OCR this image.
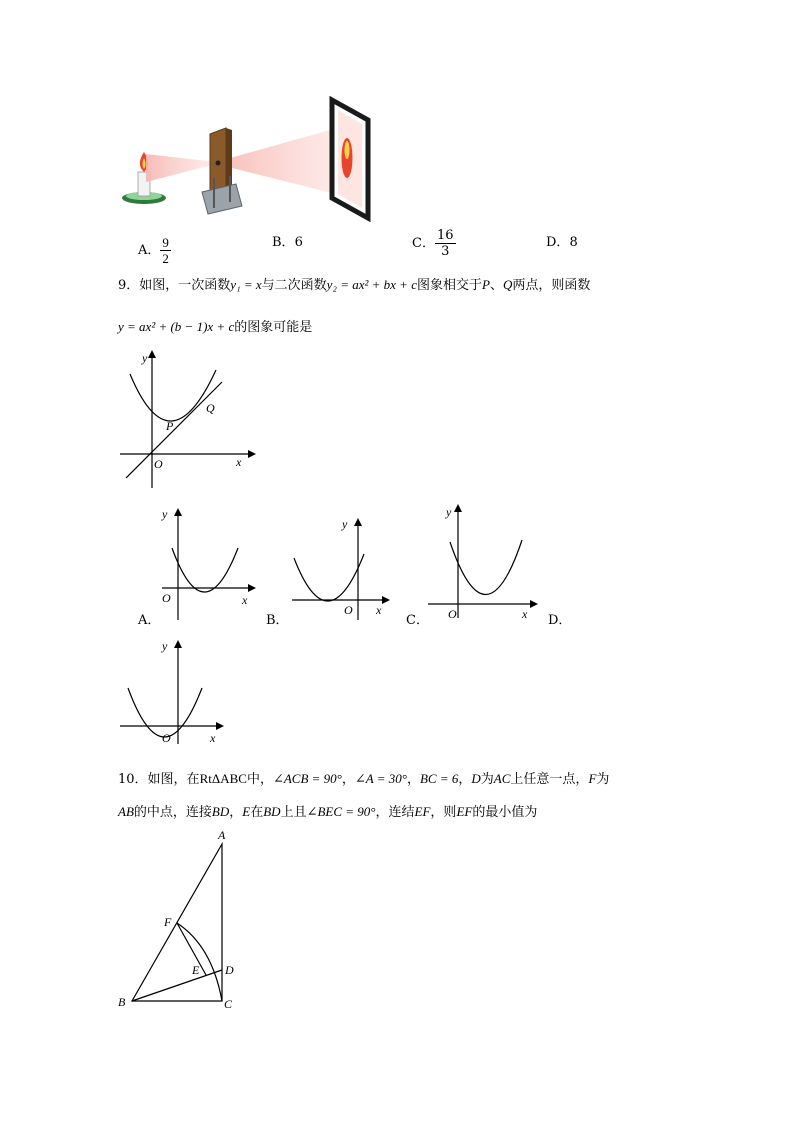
A． $\frac{9}{2}$	B．6	C． $\frac{16}{3}$	D．8
9．如图，一次函数y₁ = x与二次函数y₂ = ax² + bx + c图象相交于P、Q两点，则函数
y = ax² + (b − 1)x + c的图象可能是
y
x
O
P
Q
y
x
O
A．
y
x
O
B．
y
x
O
C．	D．
y
x
O
10．如图，在RtΔABC中，∠ACB = 90°，∠A = 30°，BC = 6，D为AC上任意一点，F为
AB的中点，连接BD，E在BD上且∠BEC = 90°，连结EF，则EF的最小值为
A
B	C
D
E
F
